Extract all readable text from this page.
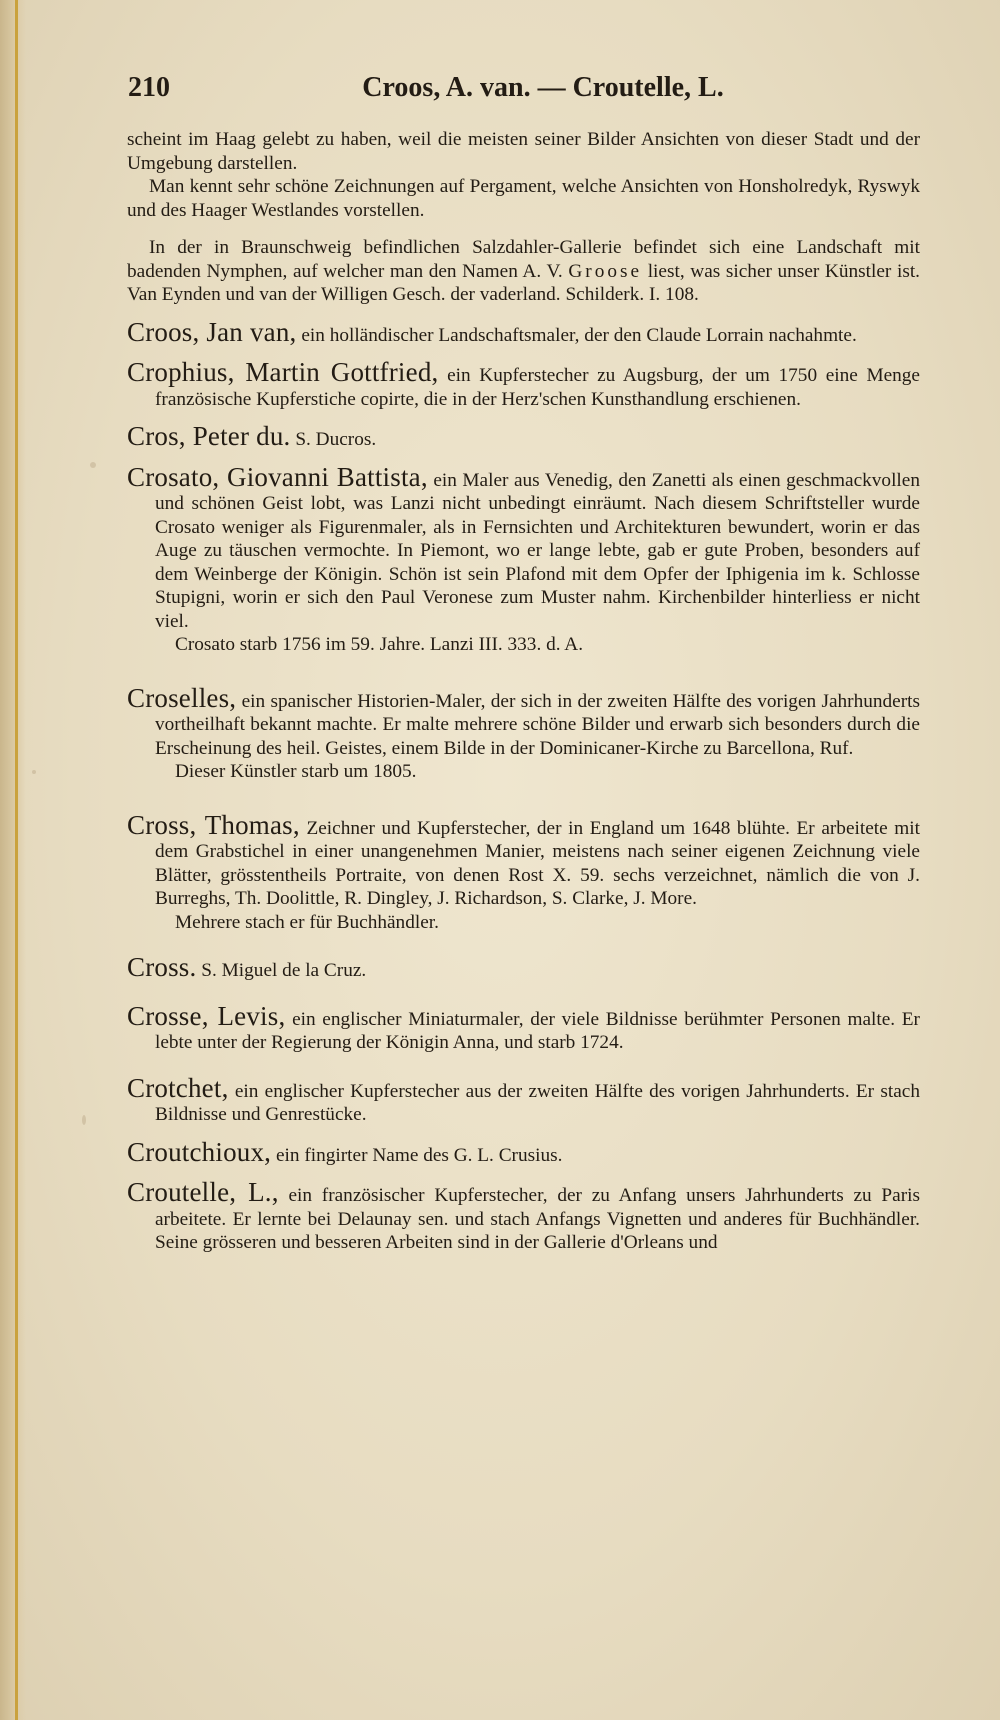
210	Croos, A. van. — Croutelle, L.

scheint im Haag gelebt zu haben, weil die meisten seiner Bilder Ansichten von dieser Stadt und der Umgebung darstellen.

Man kennt sehr schöne Zeichnungen auf Pergament, welche Ansichten von Honsholredyk, Ryswyk und des Haager Westlandes vorstellen.

In der in Braunschweig befindlichen Salzdahler-Gallerie befindet sich eine Landschaft mit badenden Nymphen, auf welcher man den Namen A. V. Groose liest, was sicher unser Künstler ist. Van Eynden und van der Willigen Gesch. der vaderland. Schilderk. I. 108.

Croos, Jan van, ein holländischer Landschaftsmaler, der den Claude Lorrain nachahmte.

Crophius, Martin Gottfried, ein Kupferstecher zu Augsburg, der um 1750 eine Menge französische Kupferstiche copirte, die in der Herz'schen Kunsthandlung erschienen.

Cros, Peter du. S. Ducros.

Crosato, Giovanni Battista, ein Maler aus Venedig, den Zanetti als einen geschmackvollen und schönen Geist lobt, was Lanzi nicht unbedingt einräumt. Nach diesem Schriftsteller wurde Crosato weniger als Figurenmaler, als in Fernsichten und Architekturen bewundert, worin er das Auge zu täuschen vermochte. In Piemont, wo er lange lebte, gab er gute Proben, besonders auf dem Weinberge der Königin. Schön ist sein Plafond mit dem Opfer der Iphigenia im k. Schlosse Stupigni, worin er sich den Paul Veronese zum Muster nahm. Kirchenbilder hinterliess er nicht viel.

Crosato starb 1756 im 59. Jahre. Lanzi III. 333. d. A.

Croselles, ein spanischer Historien-Maler, der sich in der zweiten Hälfte des vorigen Jahrhunderts vortheilhaft bekannt machte. Er malte mehrere schöne Bilder und erwarb sich besonders durch die Erscheinung des heil. Geistes, einem Bilde in der Dominicaner-Kirche zu Barcellona, Ruf.

Dieser Künstler starb um 1805.

Cross, Thomas, Zeichner und Kupferstecher, der in England um 1648 blühte. Er arbeitete mit dem Grabstichel in einer unangenehmen Manier, meistens nach seiner eigenen Zeichnung viele Blätter, grösstentheils Portraite, von denen Rost X. 59. sechs verzeichnet, nämlich die von J. Burreghs, Th. Doolittle, R. Dingley, J. Richardson, S. Clarke, J. More.

Mehrere stach er für Buchhändler.

Cross. S. Miguel de la Cruz.

Crosse, Levis, ein englischer Miniaturmaler, der viele Bildnisse berühmter Personen malte. Er lebte unter der Regierung der Königin Anna, und starb 1724.

Crotchet, ein englischer Kupferstecher aus der zweiten Hälfte des vorigen Jahrhunderts. Er stach Bildnisse und Genrestücke.

Croutchioux, ein fingirter Name des G. L. Crusius.

Croutelle, L., ein französischer Kupferstecher, der zu Anfang unsers Jahrhunderts zu Paris arbeitete. Er lernte bei Delaunay sen. und stach Anfangs Vignetten und anderes für Buchhändler. Seine grösseren und besseren Arbeiten sind in der Gallerie d'Orleans und
